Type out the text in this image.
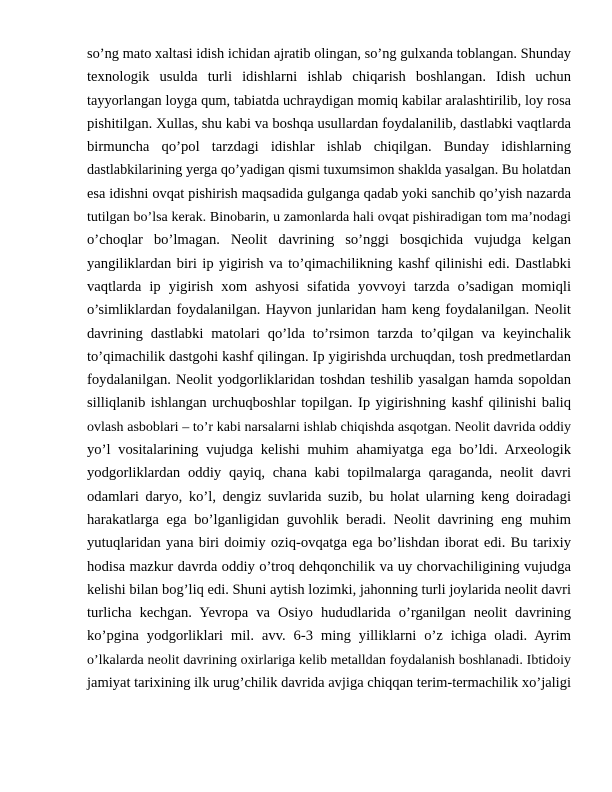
so’ng mato xaltasi idish ichidan ajratib olingan, so’ng gulxanda toblangan. Shunday
texnologik usulda turli idishlarni ishlab chiqarish boshlangan. Idish uchun
tayyorlangan loyga qum, tabiatda uchraydigan momiq kabilar aralashtirilib, loy rosa
pishitilgan. Xullas, shu kabi va boshqa usullardan foydalanilib, dastlabki vaqtlarda
birmuncha qo’pol tarzdagi idishlar ishlab chiqilgan. Bunday idishlarning
dastlabkilarining yerga qo’yadigan qismi tuxumsimon shaklda yasalgan. Bu holatdan
esa idishni ovqat pishirish maqsadida gulganga qadab yoki sanchib qo’yish nazarda
tutilgan bo’lsa kerak. Binobarin, u zamonlarda hali ovqat pishiradigan tom ma’nodagi
o’choqlar bo’lmagan. Neolit davrining so’nggi bosqichida vujudga kelgan
yangiliklardan biri ip yigirish va to’qimachilikning kashf qilinishi edi. Dastlabki
vaqtlarda ip yigirish xom ashyosi sifatida yovvoyi tarzda o’sadigan momiqli
o’simliklardan foydalanilgan. Hayvon junlaridan ham keng foydalanilgan. Neolit
davrining dastlabki matolari qo’lda to’rsimon tarzda to’qilgan va keyinchalik
to’qimachilik dastgohi kashf qilingan. Ip yigirishda urchuqdan, tosh predmetlardan
foydalanilgan. Neolit yodgorliklaridan toshdan teshilib yasalgan hamda sopoldan
silliqlanib ishlangan urchuqboshlar topilgan. Ip yigirishning kashf qilinishi baliq
ovlash asboblari – to’r kabi narsalarni ishlab chiqishda asqotgan. Neolit davrida oddiy
yo’l vositalarining vujudga kelishi muhim ahamiyatga ega bo’ldi. Arxeologik
yodgorliklardan oddiy qayiq, chana kabi topilmalarga qaraganda, neolit davri
odamlari daryo, ko’l, dengiz suvlarida suzib, bu holat ularning keng doiradagi
harakatlarga ega bo’lganligidan guvohlik beradi. Neolit davrining eng muhim
yutuqlaridan yana biri doimiy oziq-ovqatga ega bo’lishdan iborat edi. Bu tarixiy
hodisa mazkur davrda oddiy o’troq dehqonchilik va uy chorvachiligining vujudga
kelishi bilan bog’liq edi. Shuni aytish lozimki, jahonning turli joylarida neolit davri
turlicha kechgan. Yevropa va Osiyo hududlarida o’rganilgan neolit davrining
ko’pgina yodgorliklari mil. avv. 6-3 ming yilliklarni o’z ichiga oladi. Ayrim
o’lkalarda neolit davrining oxirlariga kelib metalldan foydalanish boshlanadi. Ibtidoiy
jamiyat tarixining ilk urug’chilik davrida avjiga chiqqan terim-termachilik xo’jaligi
